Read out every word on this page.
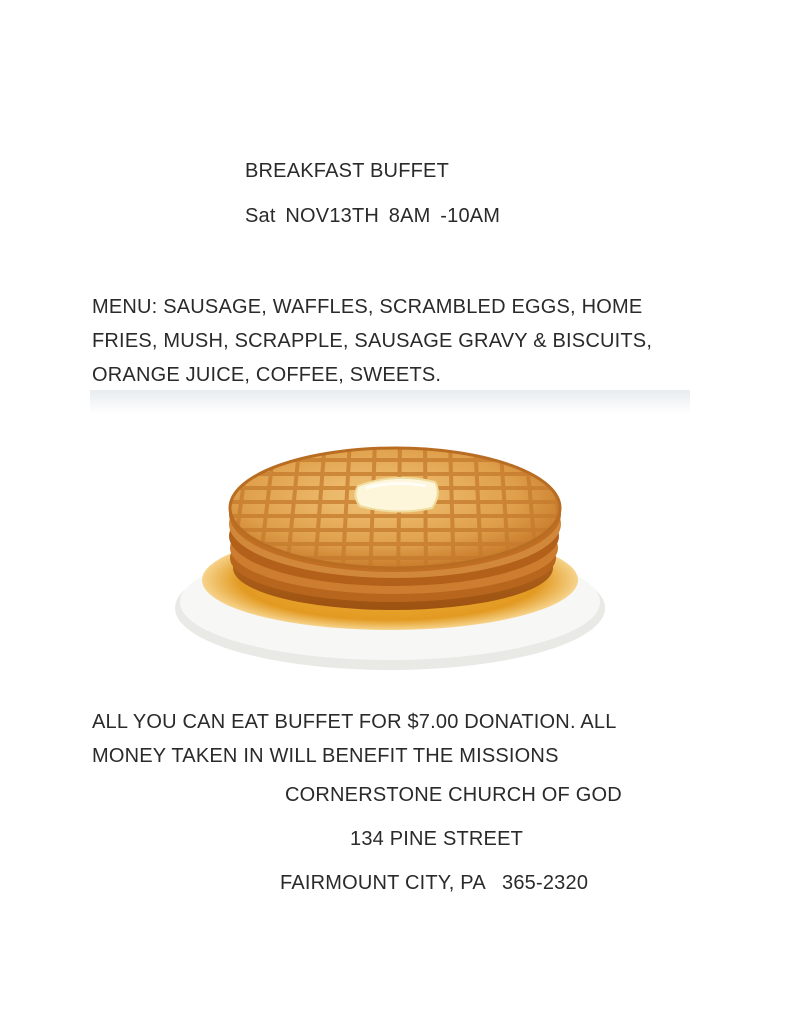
BREAKFAST BUFFET
Sat NOV13TH 8AM -10AM
MENU: SAUSAGE, WAFFLES, SCRAMBLED EGGS, HOME FRIES, MUSH, SCRAPPLE, SAUSAGE GRAVY & BISCUITS, ORANGE JUICE, COFFEE, SWEETS.
ALL YOU CAN EAT BUFFET FOR $7.00 DONATION. ALL MONEY TAKEN IN WILL BENEFIT THE MISSIONS
CORNERSTONE CHURCH OF GOD
134 PINE STREET
FAIRMOUNT CITY, PA   365-2320
